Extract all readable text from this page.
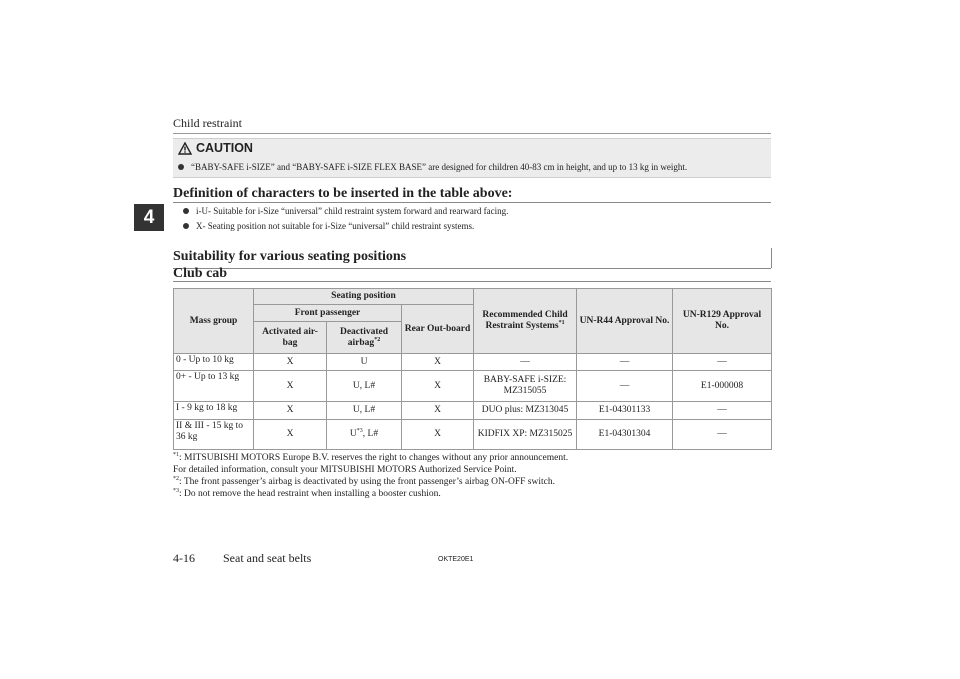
Child restraint
4
CAUTION
“BABY-SAFE i-SIZE” and “BABY-SAFE i-SIZE FLEX BASE” are designed for children 40-83 cm in height, and up to 13 kg in weight.
Definition of characters to be inserted in the table above:
i-U- Suitable for i-Size “universal” child restraint system forward and rearward facing.
X- Seating position not suitable for i-Size “universal” child restraint systems.
Suitability for various seating positions
Club cab
Mass group	Seating position			Recommended Child Restraint Systems$^{*1}$	UN-R44 Approval No.	UN-R129 Approval No.
	Front passenger		Rear Out-board			
	Activated air-bag	Deactivated airbag$^{*2}$
0 - Up to 10 kg	X	U	X	—	—	—
0+ - Up to 13 kg	X	U, L#	X	BABY-SAFE i-SIZE: MZ315055	—	E1-000008
I - 9 kg to 18 kg	X	U, L#	X	DUO plus: MZ313045	E1-04301133	—
II & III - 15 kg to 36 kg	X	$U^{*3}$, L#	X	KIDFIX XP: MZ315025	E1-04301304	—
$^{*1}$: MITSUBISHI MOTORS Europe B.V. reserves the right to changes without any prior announcement.
For detailed information, consult your MITSUBISHI MOTORS Authorized Service Point.
$^{*2}$: The front passenger’s airbag is deactivated by using the front passenger’s airbag ON-OFF switch.
$^{*3}$: Do not remove the head restraint when installing a booster cushion.
4-16 Seat and seat belts	OKTE20E1
